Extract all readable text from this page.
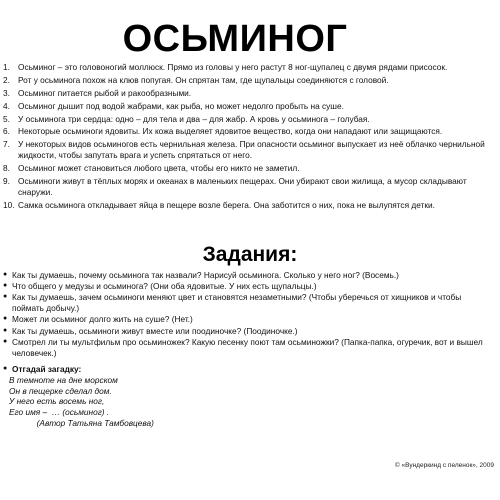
ОСЬМИНОГ
1. Осьминог – это головоногий моллюск. Прямо из головы у него растут 8 ног-щупалец с двумя рядами присосок.
2. Рот у осьминога похож на клюв попугая. Он спрятан там, где щупальцы соединяются с головой.
3. Осьминог питается рыбой и ракообразными.
4. Осьминог дышит под водой жабрами, как рыба, но может недолго пробыть на суше.
5. У осьминога три сердца: одно – для тела и два – для жабр. А кровь у осьминога – голубая.
6. Некоторые осьминоги ядовиты. Их кожа выделяет ядовитое вещество, когда они нападают или защищаются.
7. У некоторых видов осьминогов есть чернильная железа. При опасности осьминог выпускает из неё облачко чернильной жидкости, чтобы запутать врага и успеть спрятаться от него.
8. Осьминог может становиться любого цвета, чтобы его никто не заметил.
9. Осьминоги живут в тёплых морях и океанах в маленьких пещерах. Они убирают свои жилища, а мусор складывают снаружи.
10. Самка осьминога откладывает яйца в пещере возле берега. Она заботится о них, пока не вылупятся детки.
Задания:
● Как ты думаешь, почему осьминога так назвали? Нарисуй осьминога. Сколько у него ног? (Восемь.)
● Что общего у медузы и осьминога? (Они оба ядовитые. У них есть щупальцы.)
● Как ты думаешь, зачем осьминоги меняют цвет и становятся незаметными? (Чтобы уберечься от хищников и чтобы поймать добычу.)
● Может ли осьминог долго жить на суше? (Нет.)
● Как ты думаешь, осьминоги живут вместе или поодиночке? (Поодиночке.)
● Смотрел ли ты мультфильм про осьминожек? Какую песенку поют там осьминожки? (Папка-папка, огуречик, вот и вышел человечек.)
● Отгадай загадку:
В темноте на дне морском
Он в пещерке сделал дом.
У него есть восемь ног,
Его имя –  … (осьминог) .
(Автор Татьяна Тамбовцева)
© «Вундеркинд с пеленок», 2009
